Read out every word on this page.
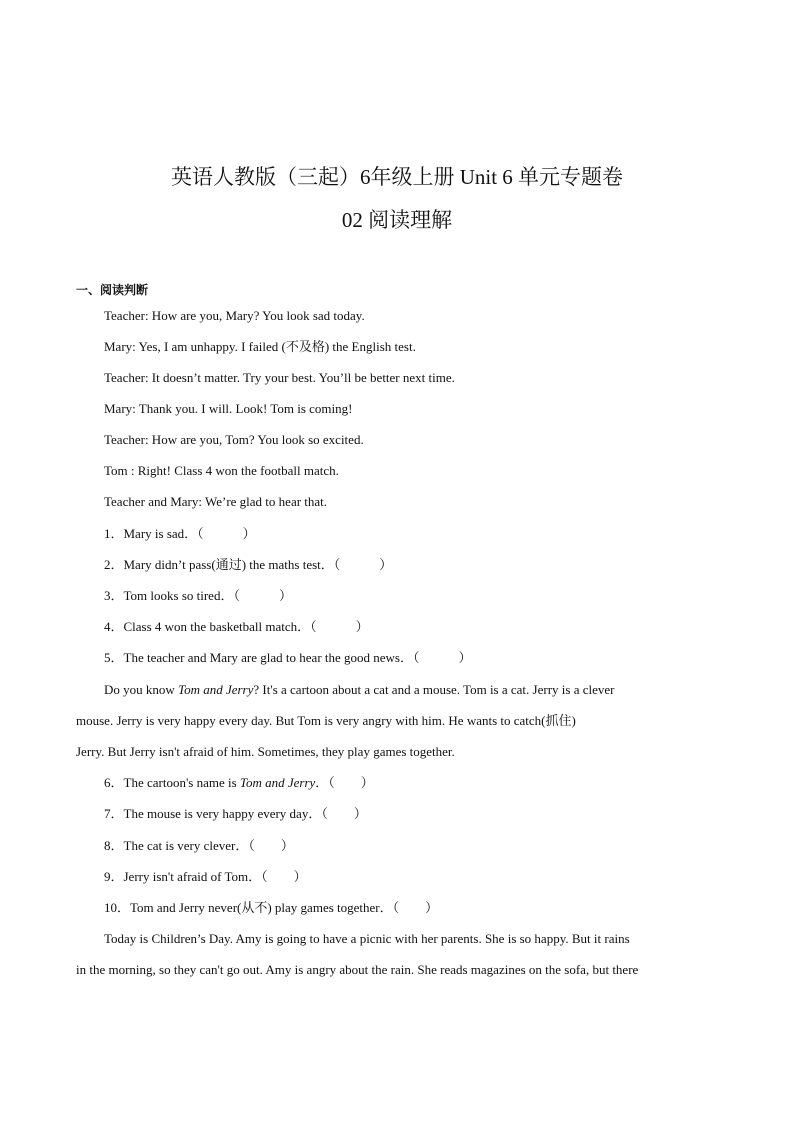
英语人教版（三起）6年级上册 Unit 6 单元专题卷
02 阅读理解
一、阅读判断
Teacher: How are you, Mary? You look sad today.
Mary: Yes, I am unhappy. I failed (不及格) the English test.
Teacher: It doesn’t matter. Try your best. You’ll be better next time.
Mary: Thank you. I will. Look! Tom is coming!
Teacher: How are you, Tom? You look so excited.
Tom : Right! Class 4 won the football match.
Teacher and Mary: We’re glad to hear that.
1．Mary is sad．（　　　）
2．Mary didn’t pass(通过) the maths test．（　　　）
3．Tom looks so tired．（　　　）
4．Class 4 won the basketball match．（　　　）
5．The teacher and Mary are glad to hear the good news．（　　　）
Do you know Tom and Jerry? It's a cartoon about a cat and a mouse. Tom is a cat. Jerry is a clever
mouse. Jerry is very happy every day. But Tom is very angry with him. He wants to catch(抓住)
Jerry. But Jerry isn't afraid of him. Sometimes, they play games together.
6．The cartoon's name is Tom and Jerry．（　　）
7．The mouse is very happy every day．（　　）
8．The cat is very clever．（　　）
9．Jerry isn't afraid of Tom．（　　）
10．Tom and Jerry never(从不) play games together．（　　）
Today is Children’s Day. Amy is going to have a picnic with her parents. She is so happy. But it rains
in the morning, so they can't go out. Amy is angry about the rain. She reads magazines on the sofa, but there
